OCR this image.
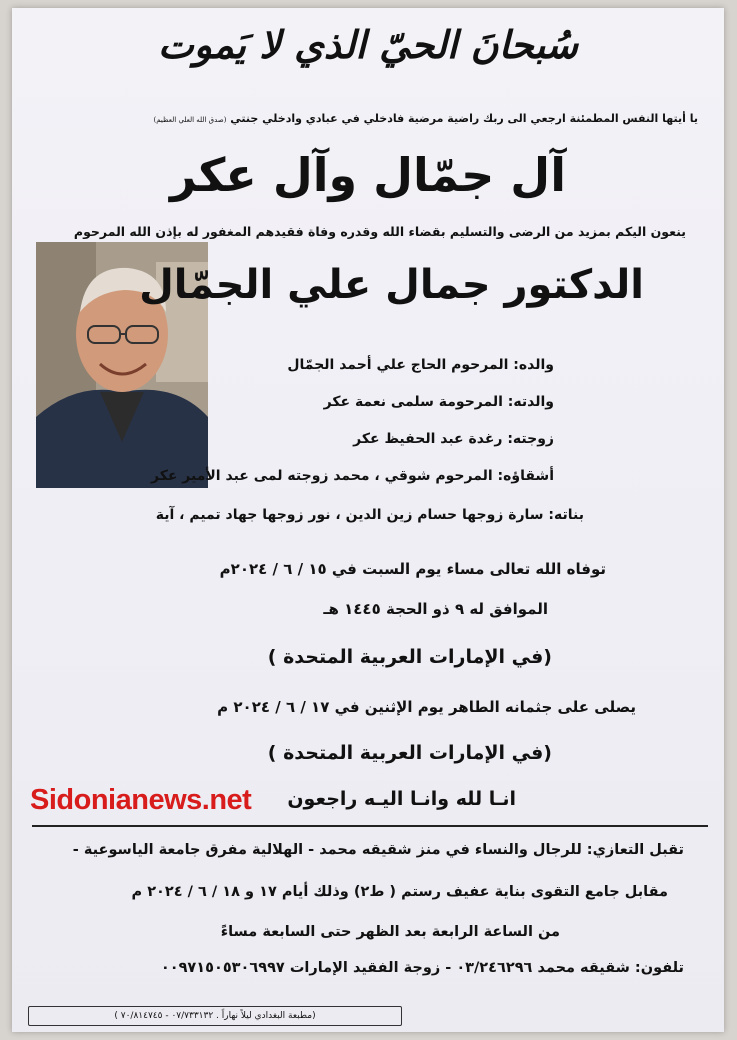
سُبحانَ الحيّ الذي لا يَموت
يا أيتها النفس المطمئنة ارجعي الى ربك راضية مرضية فادخلي في عبادي وادخلي جنتي (صدق الله العلي العظيم)
آل جمّال وآل عكر
ينعون اليكم بمزيد من الرضى والتسليم بقضاء الله وقدره وفاة فقيدهم المغفور له بإذن الله المرحوم
الدكتور جمال علي الجمّال
والده: المرحوم الحاج علي أحمد الجمّال
والدته: المرحومة سلمى نعمة عكر
زوجته: رغدة عبد الحفيظ عكر
أشقاؤه: المرحوم شوقي ، محمد زوجته لمى عبد الأمير عكر
بناته: سارة زوجها حسام زين الدين ، نور زوجها جهاد تميم ، آية
توفاه الله تعالى مساء يوم السبت في ١٥ / ٦ / ٢٠٢٤م
الموافق له ٩ ذو الحجة ١٤٤٥ هـ
(في الإمارات العربية المتحدة )
يصلى على جثمانه الطاهر يوم الإثنين في ١٧ / ٦ / ٢٠٢٤ م
(في الإمارات العربية المتحدة )
Sidonianews.net انـا لله وانـا اليـه راجعون
تقبل التعازي: للرجال والنساء في منز شقيقه محمد - الهلالية مفرق جامعة الياسوعية -
مقابل جامع التقوى بناية عفيف رستم ( ط٢) وذلك أيام ١٧ و ١٨ / ٦ / ٢٠٢٤ م
من الساعة الرابعة بعد الظهر حتى السابعة مساءً
تلفون: شقيقه محمد ٠٣/٢٤٦٢٩٦ - زوجة الفقيد الإمارات ٠٠٩٧١٥٠٥٣٠٦٩٩٧
(مطبعة البغدادي ليلاً نهاراً . ٠٧/٧٣٣١٣٢ - ٧٠/٨١٤٧٤٥ )
